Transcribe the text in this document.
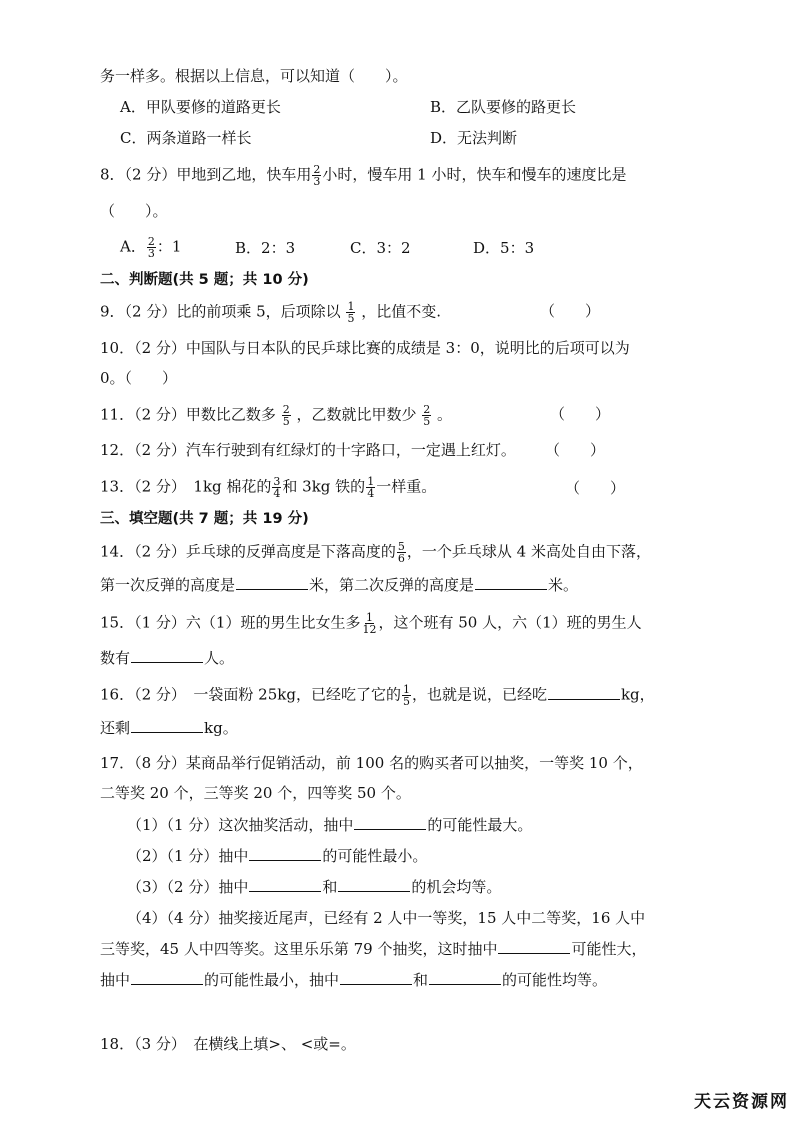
务一样多。根据以上信息，可以知道（　　）。
A．甲队要修的道路更长	B．乙队要修的路更长
C．两条道路一样长	D．无法判断
8．（2 分）甲地到乙地，快车用 $\frac{2}{3}$ 小时，慢车用 1 小时，快车和慢车的速度比是
（　　）。
A． $\frac{2}{3}$ ：1	B．2：3	C．3：2	D．5：3
二、判断题(共 5 题；共 10 分)
9．（2 分）比的前项乘 5，后项除以 $\frac{1}{5}$ ，比值不变.	（　　）
10．（2 分）中国队与日本队的民乒球比赛的成绩是 3：0，说明比的后项可以为
0。（　　）
11．（2 分）甲数比乙数多 $\frac{2}{5}$ ，乙数就比甲数少 $\frac{2}{5}$ 。	（　　）
12．（2 分）汽车行驶到有红绿灯的十字路口，一定遇上红灯。 （　　）
13．（2 分）　1kg 棉花的 $\frac{3}{4}$ 和 3kg 铁的 $\frac{1}{4}$ 一样重。	（　　）
三、填空题(共 7 题；共 19 分)
14．（2 分）乒乓球的反弹高度是下落高度的 $\frac{5}{6}$ ，一个乒乓球从 4 米高处自由下落，
第一次反弹的高度是	米，第二次反弹的高度是	米。
15．（1 分）六（1）班的男生比女生多 $\frac{1}{12}$ ，这个班有 50 人，六（1）班的男生人
数有	人。
16．（2 分）　一袋面粉 25kg，已经吃了它的 $\frac{1}{5}$ ，也就是说，已经吃	kg，
还剩	kg。
17．（8 分）某商品举行促销活动，前 100 名的购买者可以抽奖，一等奖 10 个，
二等奖 20 个，三等奖 20 个，四等奖 50 个。
（1）（1 分）这次抽奖活动，抽中	的可能性最大。
（2）（1 分）抽中	的可能性最小。
（3）（2 分）抽中	和	的机会均等。
（4）（4 分）抽奖接近尾声，已经有 2 人中一等奖，15 人中二等奖，16 人中
三等奖，45 人中四等奖。这里乐乐第 79 个抽奖，这时抽中	可能性大，
抽中	的可能性最小，抽中	和	的可能性均等。
18．（3 分）　在横线上填>、 <或=。
天云资源网
